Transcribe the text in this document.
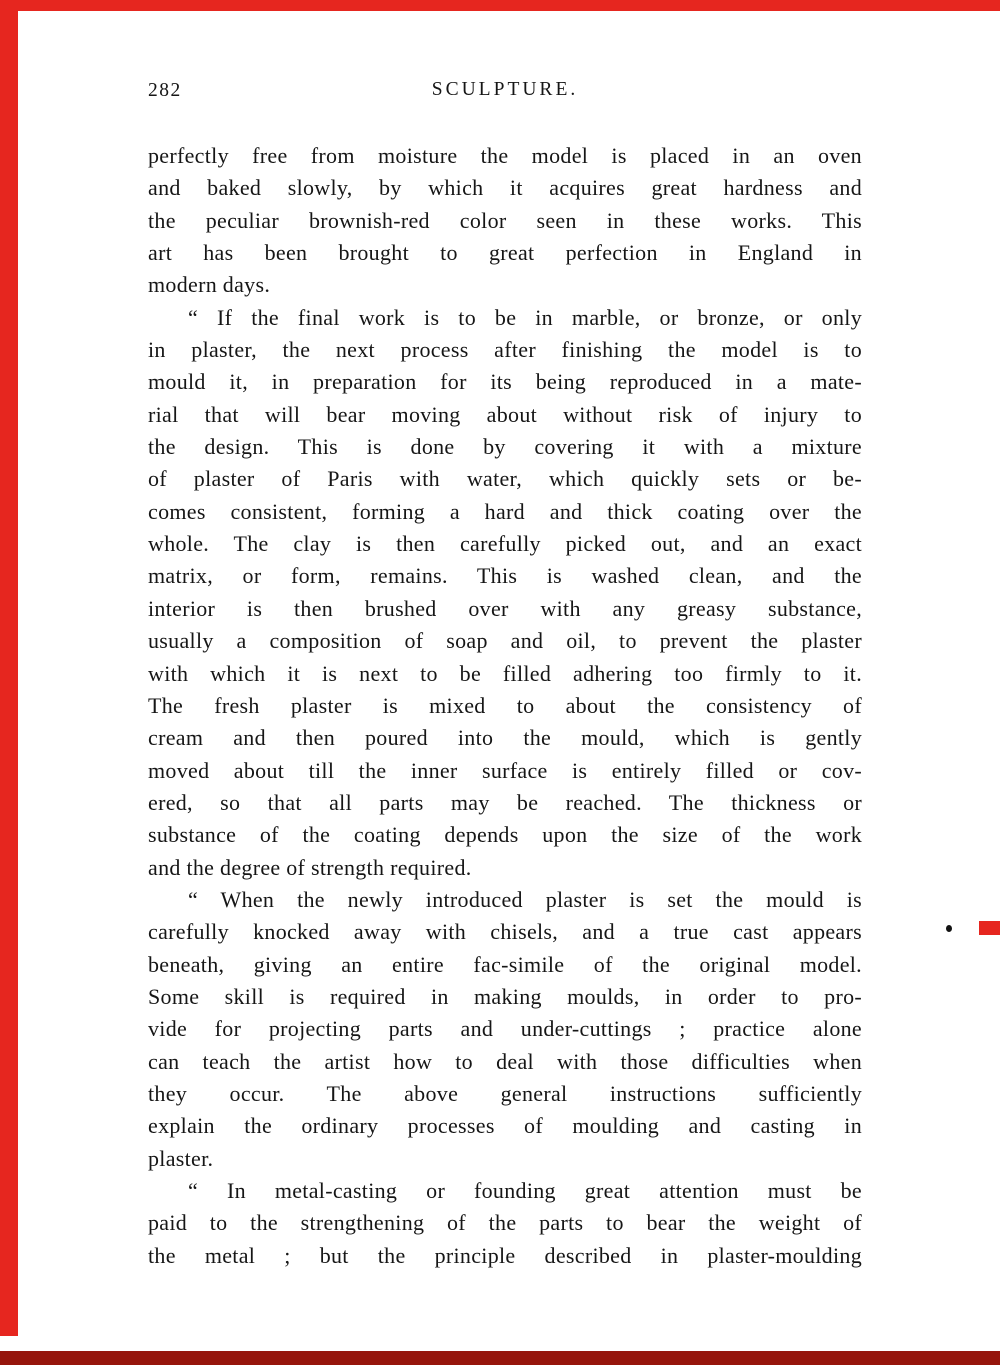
282	SCULPTURE.
perfectly free from moisture the model is placed in an oven
and baked slowly, by which it acquires great hardness and
the peculiar brownish-red color seen in these works. This
art has been brought to great perfection in England in
modern days.
“ If the final work is to be in marble, or bronze, or only
in plaster, the next process after finishing the model is to
mould it, in preparation for its being reproduced in a mate-
rial that will bear moving about without risk of injury to
the design. This is done by covering it with a mixture
of plaster of Paris with water, which quickly sets or be-
comes consistent, forming a hard and thick coating over the
whole. The clay is then carefully picked out, and an exact
matrix, or form, remains. This is washed clean, and the
interior is then brushed over with any greasy substance,
usually a composition of soap and oil, to prevent the plaster
with which it is next to be filled adhering too firmly to it.
The fresh plaster is mixed to about the consistency of
cream and then poured into the mould, which is gently
moved about till the inner surface is entirely filled or cov-
ered, so that all parts may be reached. The thickness or
substance of the coating depends upon the size of the work
and the degree of strength required.
“ When the newly introduced plaster is set the mould is
carefully knocked away with chisels, and a true cast appears
beneath, giving an entire fac-simile of the original model.
Some skill is required in making moulds, in order to pro-
vide for projecting parts and under-cuttings ; practice alone
can teach the artist how to deal with those difficulties when
they occur. The above general instructions sufficiently
explain the ordinary processes of moulding and casting in
plaster.
“ In metal-casting or founding great attention must be
paid to the strengthening of the parts to bear the weight of
the metal ; but the principle described in plaster-moulding
